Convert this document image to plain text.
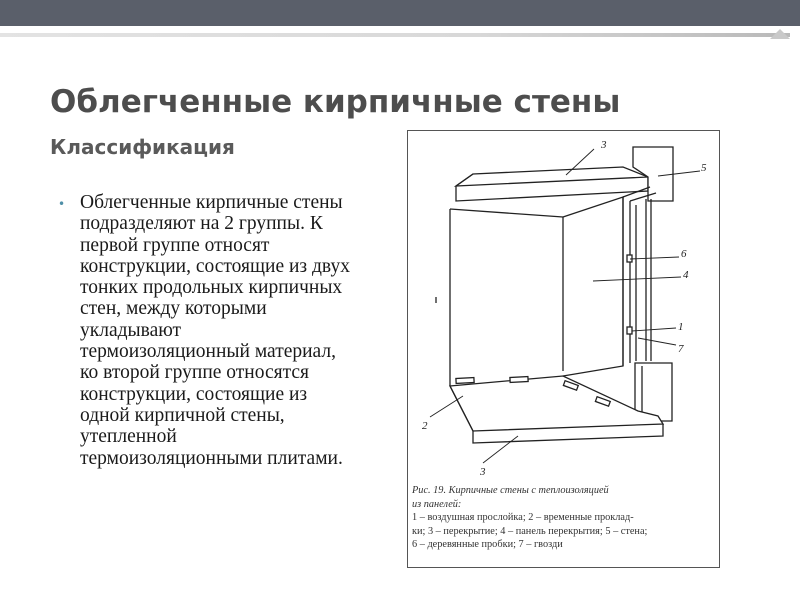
Облегченные кирпичные стены
Классификация
• Облегченные кирпичные стены подразделяют на 2 группы. К первой группе относят конструкции, состоящие из двух тонких продольных кирпичных стен, между которыми укладывают термоизоляционный материал, ко второй группе относятся конструкции, состоящие из одной кирпичной стены, утепленной термоизоляционными плитами.
3
5
6
4
1
7
2
3
Рис. 19. Кирпичные стены с теплоизоляцией
из панелей:
1 – воздушная прослойка; 2 – временные проклад-
ки; 3 – перекрытие; 4 – панель перекрытия; 5 – стена;
6 – деревянные пробки; 7 – гвозди
